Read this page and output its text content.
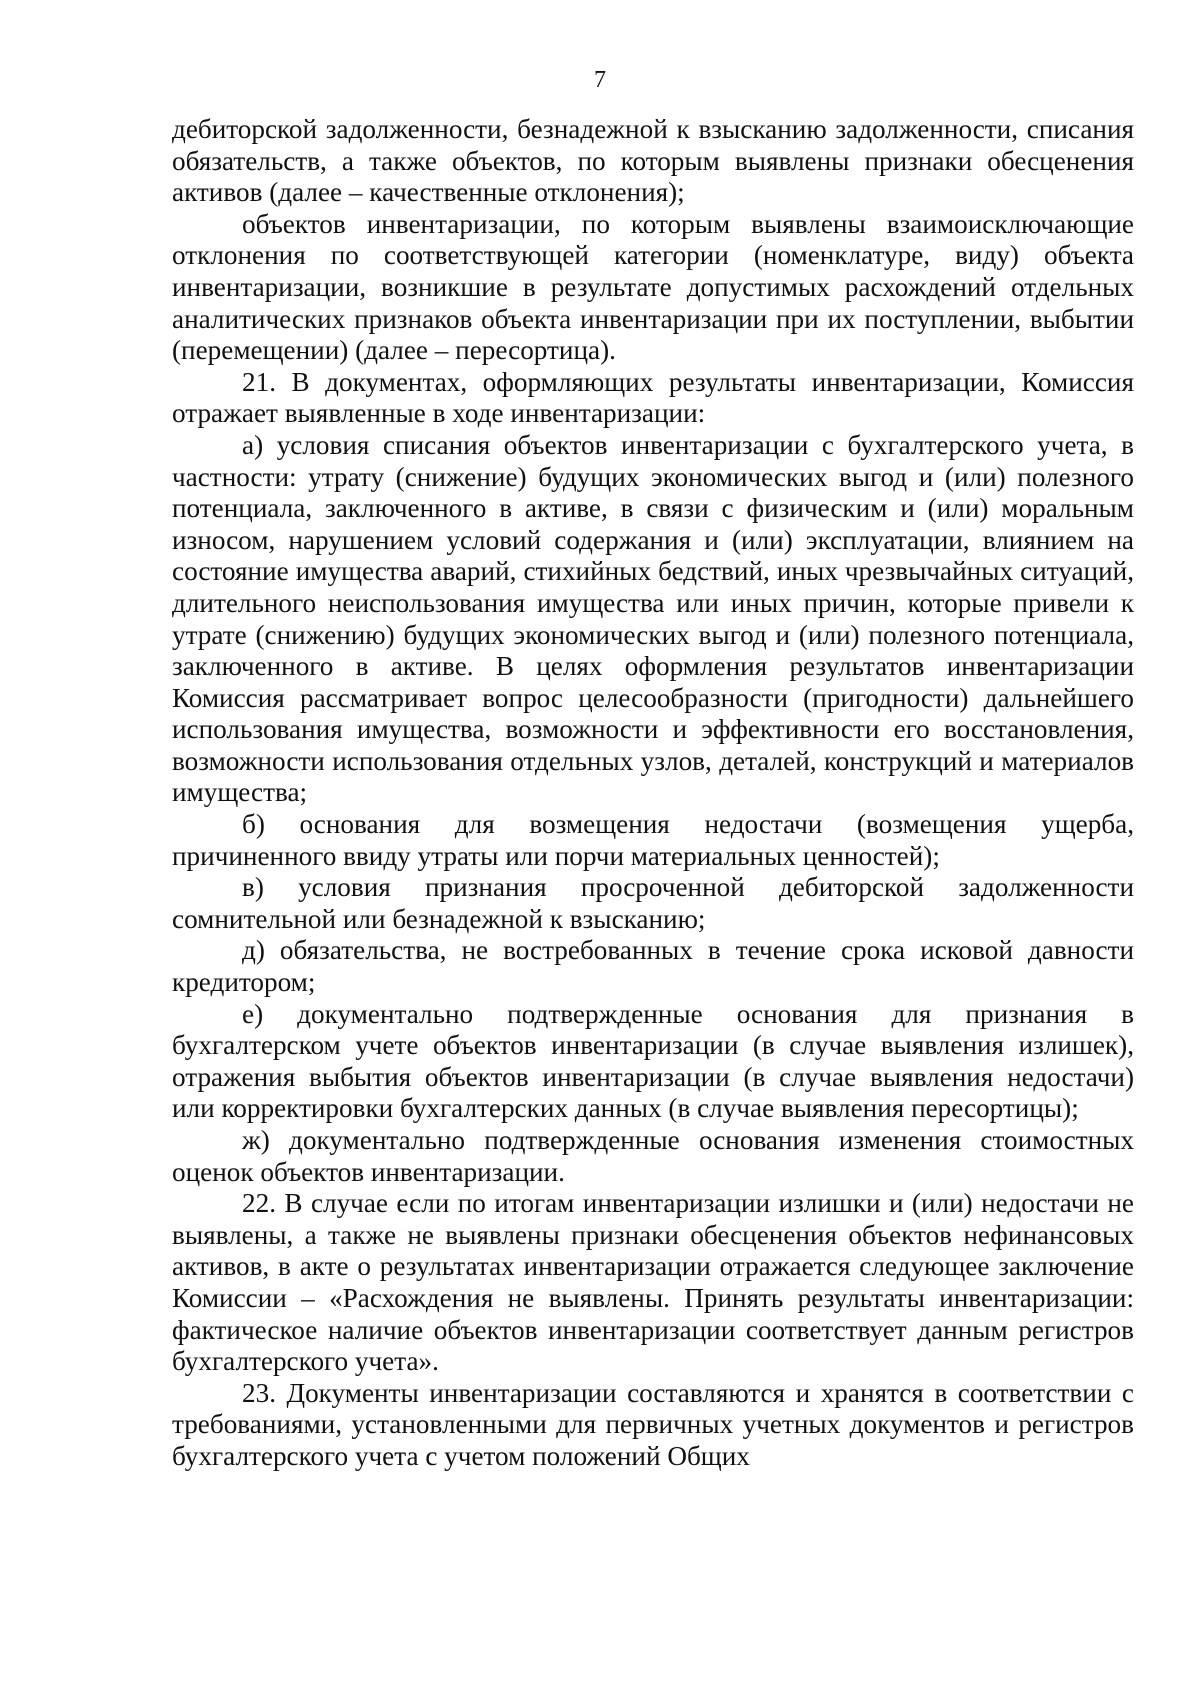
7

дебиторской задолженности, безнадежной к взысканию задолженности, списания обязательств, а также объектов, по которым выявлены признаки обесценения активов (далее – качественные отклонения);

объектов инвентаризации, по которым выявлены взаимоисключающие отклонения по соответствующей категории (номенклатуре, виду) объекта инвентаризации, возникшие в результате допустимых расхождений отдельных аналитических признаков объекта инвентаризации при их поступлении, выбытии (перемещении) (далее – пересортица).

21. В документах, оформляющих результаты инвентаризации, Комиссия отражает выявленные в ходе инвентаризации:

а) условия списания объектов инвентаризации с бухгалтерского учета, в частности: утрату (снижение) будущих экономических выгод и (или) полезного потенциала, заключенного в активе, в связи с физическим и (или) моральным износом, нарушением условий содержания и (или) эксплуатации, влиянием на состояние имущества аварий, стихийных бедствий, иных чрезвычайных ситуаций, длительного неиспользования имущества или иных причин, которые привели к утрате (снижению) будущих экономических выгод и (или) полезного потенциала, заключенного в активе. В целях оформления результатов инвентаризации Комиссия рассматривает вопрос целесообразности (пригодности) дальнейшего использования имущества, возможности и эффективности его восстановления, возможности использования отдельных узлов, деталей, конструкций и материалов имущества;

б) основания для возмещения недостачи (возмещения ущерба, причиненного ввиду утраты или порчи материальных ценностей);

в) условия признания просроченной дебиторской задолженности сомнительной или безнадежной к взысканию;

д) обязательства, не востребованных в течение срока исковой давности кредитором;

е) документально подтвержденные основания для признания в бухгалтерском учете объектов инвентаризации (в случае выявления излишек), отражения выбытия объектов инвентаризации (в случае выявления недостачи) или корректировки бухгалтерских данных (в случае выявления пересортицы);

ж) документально подтвержденные основания изменения стоимостных оценок объектов инвентаризации.

22. В случае если по итогам инвентаризации излишки и (или) недостачи не выявлены, а также не выявлены признаки обесценения объектов нефинансовых активов, в акте о результатах инвентаризации отражается следующее заключение Комиссии – «Расхождения не выявлены. Принять результаты инвентаризации: фактическое наличие объектов инвентаризации соответствует данным регистров бухгалтерского учета».

23. Документы инвентаризации составляются и хранятся в соответствии с требованиями, установленными для первичных учетных документов и регистров бухгалтерского учета с учетом положений Общих
